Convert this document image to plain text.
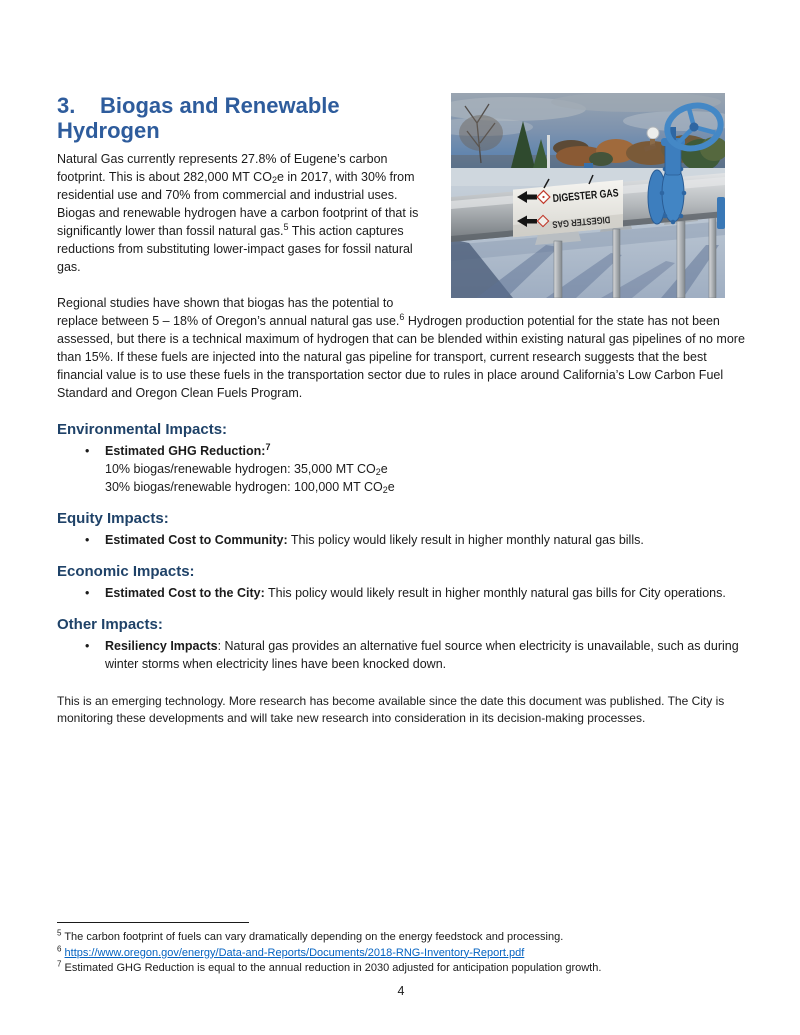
DIGESTER GAS
DIGESTER GAS
3. Biogas and Renewable Hydrogen

Natural Gas currently represents 27.8% of Eugene’s carbon footprint. This is about 282,000 MT $CO_2e$ in 2017, with 30% from residential use and 70% from commercial and industrial uses. Biogas and renewable hydrogen have a carbon footprint of that is significantly lower than fossil natural gas.$^5$ This action captures reductions from substituting lower-impact gases for fossil natural gas.

Regional studies have shown that biogas has the potential to replace between 5 – 18% of Oregon’s annual natural gas use.$^6$ Hydrogen production potential for the state has not been assessed, but there is a technical maximum of hydrogen that can be blended within existing natural gas pipelines of no more than 15%. If these fuels are injected into the natural gas pipeline for transport, current research suggests that the best financial value is to use these fuels in the transportation sector due to rules in place around California’s Low Carbon Fuel Standard and Oregon Clean Fuels Program.

Environmental Impacts:
•	Estimated GHG Reduction:$^7$
10% biogas/renewable hydrogen: 35,000 MT $CO_2e$
30% biogas/renewable hydrogen: 100,000 MT $CO_2e$
Equity Impacts:
•	Estimated Cost to Community: This policy would likely result in higher monthly natural gas bills.
Economic Impacts:
•	Estimated Cost to the City: This policy would likely result in higher monthly natural gas bills for City operations.
Other Impacts:
•	Resiliency Impacts: Natural gas provides an alternative fuel source when electricity is unavailable, such as during winter storms when electricity lines have been knocked down.

This is an emerging technology. More research has become available since the date this document was published. The City is monitoring these developments and will take new research into consideration in its decision-making processes.

$^5$ The carbon footprint of fuels can vary dramatically depending on the energy feedstock and processing.
$^6$ https://www.oregon.gov/energy/Data-and-Reports/Documents/2018-RNG-Inventory-Report.pdf
$^7$ Estimated GHG Reduction is equal to the annual reduction in 2030 adjusted for anticipation population growth.
4
